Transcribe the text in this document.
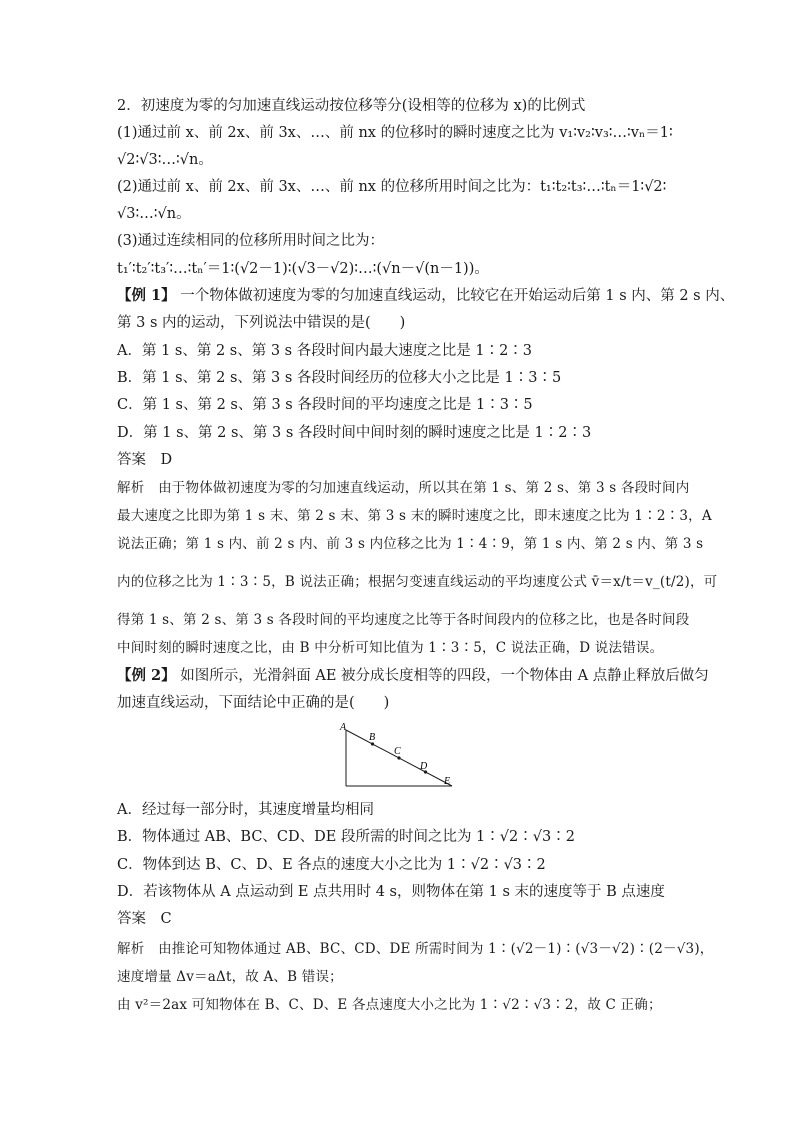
2．初速度为零的匀加速直线运动按位移等分(设相等的位移为 x)的比例式
(1)通过前 x、前 2x、前 3x、…、前 nx 的位移时的瞬时速度之比为 v₁∶v₂∶v₃∶…∶vₙ＝1∶
√2∶√3∶…∶√n。
(2)通过前 x、前 2x、前 3x、…、前 nx 的位移所用时间之比为：t₁∶t₂∶t₃∶…∶tₙ＝1∶√2∶
√3∶…∶√n。
(3)通过连续相同的位移所用时间之比为：
t₁′∶t₂′∶t₃′∶…∶tₙ′＝1∶(√2－1)∶(√3－√2)∶…∶(√n－√(n－1))。
【例 1】 一个物体做初速度为零的匀加速直线运动，比较它在开始运动后第 1 s 内、第 2 s 内、
第 3 s 内的运动，下列说法中错误的是(　　)
A．第 1 s、第 2 s、第 3 s 各段时间内最大速度之比是 1∶2∶3
B．第 1 s、第 2 s、第 3 s 各段时间经历的位移大小之比是 1∶3∶5
C．第 1 s、第 2 s、第 3 s 各段时间的平均速度之比是 1∶3∶5
D．第 1 s、第 2 s、第 3 s 各段时间中间时刻的瞬时速度之比是 1∶2∶3
答案　D
解析　由于物体做初速度为零的匀加速直线运动，所以其在第 1 s、第 2 s、第 3 s 各段时间内
最大速度之比即为第 1 s 末、第 2 s 末、第 3 s 末的瞬时速度之比，即末速度之比为 1∶2∶3，A
说法正确；第 1 s 内、前 2 s 内、前 3 s 内位移之比为 1∶4∶9，第 1 s 内、第 2 s 内、第 3 s
内的位移之比为 1∶3∶5，B 说法正确；根据匀变速直线运动的平均速度公式 v̄＝x/t＝v_(t/2)，可
得第 1 s、第 2 s、第 3 s 各段时间的平均速度之比等于各时间段内的位移之比，也是各时间段
中间时刻的瞬时速度之比，由 B 中分析可知比值为 1∶3∶5，C 说法正确，D 说法错误。
【例 2】 如图所示，光滑斜面 AE 被分成长度相等的四段，一个物体由 A 点静止释放后做匀
加速直线运动，下面结论中正确的是(　　)
A
B
C
D
E
A．经过每一部分时，其速度增量均相同
B．物体通过 AB、BC、CD、DE 段所需的时间之比为 1∶√2∶√3∶2
C．物体到达 B、C、D、E 各点的速度大小之比为 1∶√2∶√3∶2
D．若该物体从 A 点运动到 E 点共用时 4 s，则物体在第 1 s 末的速度等于 B 点速度
答案　C
解析　由推论可知物体通过 AB、BC、CD、DE 所需时间为 1∶(√2－1)∶(√3－√2)∶(2－√3)，
速度增量 Δv＝aΔt，故 A、B 错误；
由 v²＝2ax 可知物体在 B、C、D、E 各点速度大小之比为 1∶√2∶√3∶2，故 C 正确；
